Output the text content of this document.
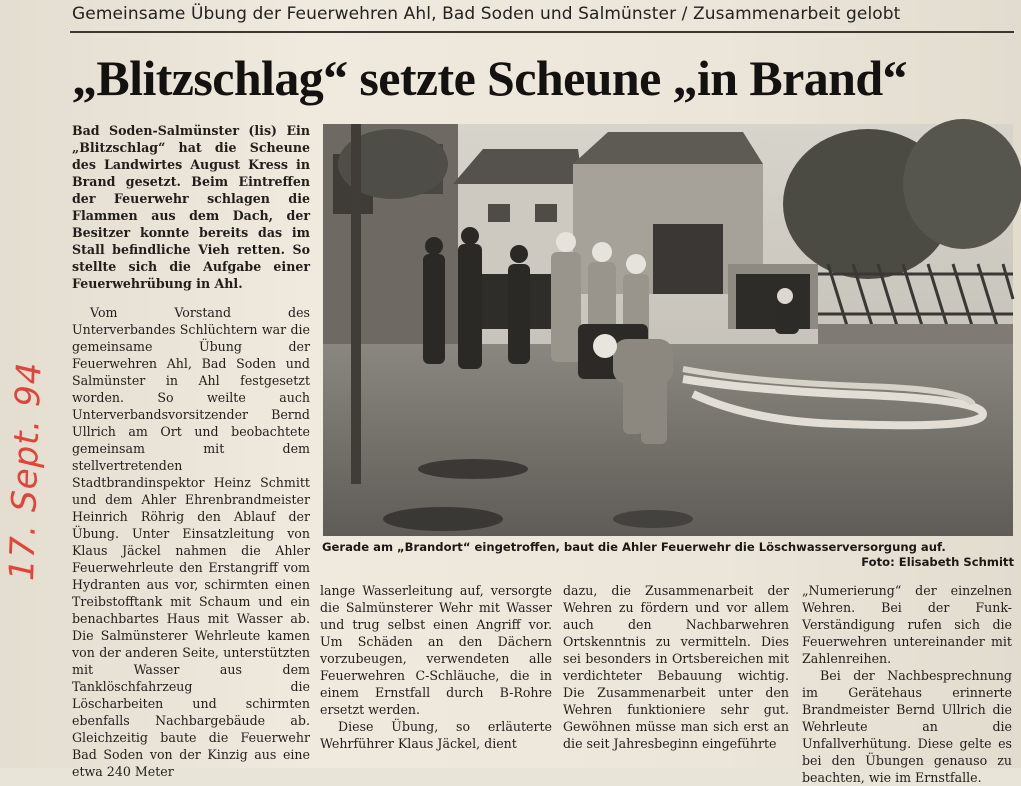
Gemeinsame Übung der Feuerwehren Ahl, Bad Soden und Salmünster / Zusammenarbeit gelobt
„Blitzschlag“ setzte Scheune „in Brand“
17. Sept. 94

Bad Soden-Salmünster (lis) Ein „Blitzschlag“ hat die Scheune des Landwirtes August Kress in Brand gesetzt. Beim Eintreffen der Feuerwehr schlagen die Flammen aus dem Dach, der Besitzer konnte bereits das im Stall befindliche Vieh retten. So stellte sich die Aufgabe einer Feuerwehrübung in Ahl.

Vom Vorstand des Unterverbandes Schlüchtern war die gemeinsame Übung der Feuerwehren Ahl, Bad Soden und Salmünster in Ahl festgesetzt worden. So weilte auch Unterverbandsvorsitzender Bernd Ullrich am Ort und beobachtete gemeinsam mit dem stellvertretenden Stadtbrandinspektor Heinz Schmitt und dem Ahler Ehrenbrandmeister Heinrich Röhrig den Ablauf der Übung. Unter Einsatzleitung von Klaus Jäckel nahmen die Ahler Feuerwehrleute den Erstangriff vom Hydranten aus vor, schirmten einen Treibstofftank mit Schaum und ein benachbartes Haus mit Wasser ab. Die Salmünsterer Wehrleute kamen von der anderen Seite, unterstützten mit Wasser aus dem Tanklöschfahrzeug die Löscharbeiten und schirmten ebenfalls Nachbargebäude ab. Gleichzeitig baute die Feuerwehr Bad Soden von der Kinzig aus eine etwa 240 Meter

Gerade am „Brandort“ eingetroffen, baut die Ahler Feuerwehr die Löschwasserversorgung auf.
Foto: Elisabeth Schmitt

lange Wasserleitung auf, versorgte die Salmünsterer Wehr mit Wasser und trug selbst einen Angriff vor. Um Schäden an den Dächern vorzubeugen, verwendeten alle Feuerwehren C-Schläuche, die in einem Ernstfall durch B-Rohre ersetzt werden.

Diese Übung, so erläuterte Wehrführer Klaus Jäckel, dient

dazu, die Zusammenarbeit der Wehren zu fördern und vor allem auch den Nachbarwehren Ortskenntnis zu vermitteln. Dies sei besonders in Ortsbereichen mit verdichteter Bebauung wichtig. Die Zusammenarbeit unter den Wehren funktioniere sehr gut. Gewöhnen müsse man sich erst an die seit Jahresbeginn eingeführte

„Numerierung“ der einzelnen Wehren. Bei der Funk-Verständigung rufen sich die Feuerwehren untereinander mit Zahlenreihen.

Bei der Nachbesprechnung im Gerätehaus erinnerte Brandmeister Bernd Ullrich die Wehrleute an die Unfallverhütung. Diese gelte es bei den Übungen genauso zu beachten, wie im Ernstfalle.
